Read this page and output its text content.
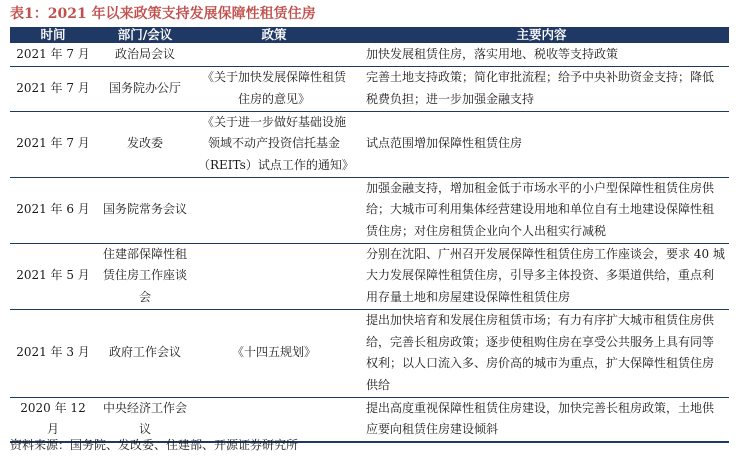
表1：2021 年以来政策支持发展保障性租赁住房
时间	部门/会议	政策	主要内容
2021 年 7 月	政治局会议		加快发展租赁住房，落实用地、税收等支持政策
2021 年 7 月	国务院办公厅	《关于加快发展保障性租赁住房的意见》	完善土地支持政策；简化审批流程；给予中央补助资金支持；降低税费负担；进一步加强金融支持
2021 年 7 月	发改委	《关于进一步做好基础设施领域不动产投资信托基金（REITs）试点工作的通知》	试点范围增加保障性租赁住房
2021 年 6 月	国务院常务会议		加强金融支持，增加租金低于市场水平的小户型保障性租赁住房供给；大城市可利用集体经营建设用地和单位自有土地建设保障性租赁住房；对住房租赁企业向个人出租实行减税
2021 年 5 月	住建部保障性租赁住房工作座谈会		分别在沈阳、广州召开发展保障性租赁住房工作座谈会，要求 40 城大力发展保障性租赁住房，引导多主体投资、多渠道供给，重点利用存量土地和房屋建设保障性租赁住房
2021 年 3 月	政府工作会议	《十四五规划》	提出加快培育和发展住房租赁市场；有力有序扩大城市租赁住房供给，完善长租房政策；逐步使租购住房在享受公共服务上具有同等权利；以人口流入多、房价高的城市为重点，扩大保障性租赁住房供给
2020 年 12 月	中央经济工作会议		提出高度重视保障性租赁住房建设，加快完善长租房政策，土地供应要向租赁住房建设倾斜
资料来源：国务院、发改委、住建部、开源证券研究所
